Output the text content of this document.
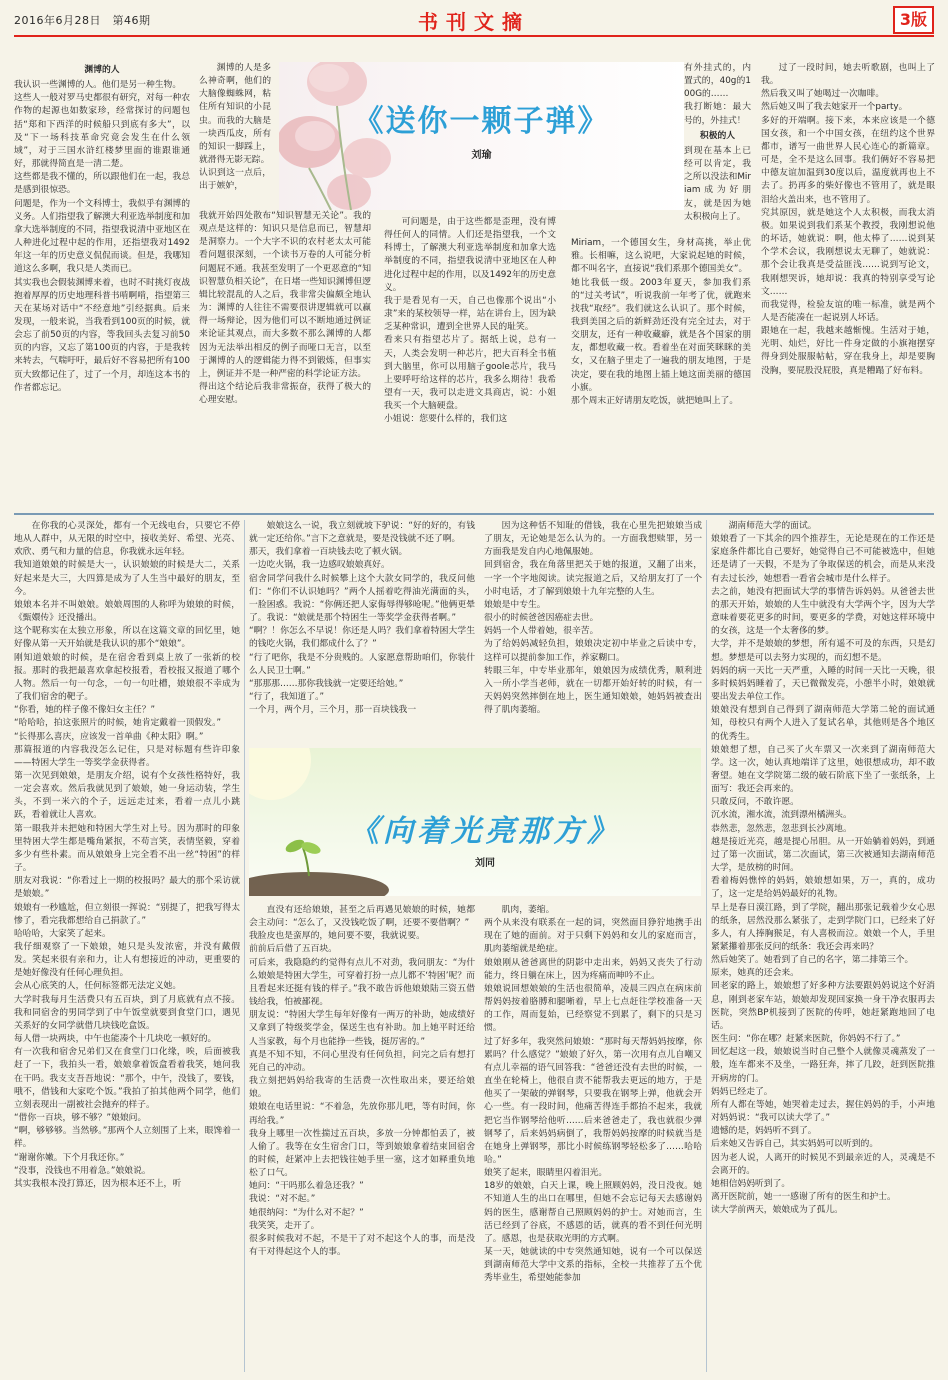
2016年6月28日　第46期	书刊文摘	3版
渊博的人
我认识一些渊博的人。他们是另一种生物。
这些人一般对罗马史都很有研究，对每一种农作物的起源也如数家珍，经常探讨的问题包括“郑和下西洋的时候船只到底有多大”，以及“下一场科技革命究竟会发生在什么领域”，对于三国水浒红楼梦里面的谁跟谁通好，那就得简直是一清二楚。
这些都是我不懂的，所以跟他们在一起，我总是感到很惊恐。
问题是，作为一个文科博士，我似乎有渊博的义务。人们指望我了解澳大利亚选举制度和加拿大选举制度的不同，指望我说清中亚地区在人种进化过程中起的作用，还指望我对1492年这一年的历史意义侃侃而谈。但是，我哪知道这么多啊，我只是人类而已。
其实我也会假装渊博来着，也时不时挑灯夜战抱着厚厚的历史地理科普书啃啊啃，指望第三天在某场对话中“不经意地”引经据典。后来发现，一般来说，当我看到100页的时候，就会忘了前50页的内容，等我回头去复习前50页的内容，又忘了第100页的内容，于是我转来转去，气喘吁吁，最后好不容易把所有100页大致都记住了，过了一个月，却连这本书的作者都忘记。
《送你一颗子弹》
刘瑜
渊博的人是多么神奇啊，他们的大脑像蜘蛛网，粘住所有知识的小昆虫。而我的大脑是一块西瓜皮，所有的知识一脚踩上，就滑得无影无踪。
认识到这一点后，出于嫉妒，
我就开始四处散布“知识智慧无关论”。我的观点是这样的：知识只是信息而已，智慧却是洞察力。一个大字不识的农村老太太可能看问题很深刻，一个读书万卷的人可能分析问题屁不通。我甚至发明了一个更恶意的“知识智慧负相关论”，在日堵一些知识渊博但逻辑比较混乱的人之后，我非常尖偏颇全地认为：渊博的人往往不需要很讲逻辑就可以赢得一场辩论，因为他们可以不断地通过例证来论证其观点，而大多数不那么渊博的人都因为无法举出相反的例子而哑口无言，以至于渊博的人的逻辑能力得不到锻炼，但事实上，例证并不是一种严密的科学论证方法。
得出这个结论后我非常振奋，获得了极大的心理安慰。
可问题是，由于这些都是歪理，没有博得任何人的同情。人们还是指望我，一个文科博士，了解澳大利亚选举制度和加拿大选举制度的不同，指望我说清中亚地区在人种进化过程中起的作用，以及1492年的历史意义。
我于是看见有一天，自己也像那个说出“小隶”来的某校领导一样，站在讲台上，因为缺乏某种常识，遭到全世界人民的耻笑。
看来只有指望芯片了。据纸上说，总有一天，人类会发明一种芯片，把大百科全书植到大脑里，你可以用脑子goole芯片，我马上要呼吁给这样的芯片，我多么期待！我希望有一天，我可以走进文具商店，说：小姐我买一个大脑硬盘。
小姐说：您要什么样的，我们这
有外挂式的，内置式的，40g的100G的……
我打断她：最大号的，外挂式！
积极的人
到现在基本上已经可以肯定，我之所以没法和Miriam成为好朋友，就是因为她太积极向上了。

Miriam，一个德国女生，身材高挑，举止优雅。长相嘛，这么说吧，大家说起她的时候，都不叫名字，直接说“我们系那个德国美女”。
她比我低一级。2003年夏天，参加我们系的“过关考试”，听说我前一年考了优，就跑来找我“取经”。我们就这么认识了。那个时候，我到美国之后的新鲜劲还没有完全过去，对于交朋友，还有一种收藏癖，就是各个国家的朋友，都想收藏一枚。看着坐在对面笑眯眯的美女，又在脑子里走了一遍我的朋友地图，于是决定，要在我的地图上插上她这面美丽的德国小旗。
那个周末正好请朋友吃饭，就把她叫上了。
过了一段时间，她去听歌剧，也叫上了我。
然后我又叫了她喝过一次咖啡。
然后她又叫了我去她家开一个party。
多好的开端啊。接下来，本来应该是一个德国女孩，和一个中国女孩，在纽约这个世界都市，谱写一曲世界人民心连心的新篇章。可是，全不是这么回事。我们俩好不容易把中德友谊加温到30度以后，温度就再也上不去了。扔再多的柴好像也不管用了，就是眼泪给火盖出来，也不管用了。
究其原因，就是她这个人太积极，而我太消极。如果说到我们系某个教授，我刚想说他的坏话，她就说：啊，他太棒了……说到某个学术会议，我刚想说太无聊了，她就说：那个会让我真是受益匪浅……说到写论文，我刚想哭诉，她却说：我真的特别享受写论文……
而我觉得，检验友谊的唯一标准，就是两个人是否能凑在一起说别人坏话。
跟她在一起，我越来越惭愧。生活对于她，光明、灿烂，好比一件身定做的小旗袍摆穿得身到处服服帖帖，穿在我身上，却是要胸没胸，要屁股没屁股，真是糟蹋了好布料。
在你我的心灵深处，都有一个无线电台，只要它不停地从人群中，从无限的时空中，接收美好、希望、光亮、欢欣、勇气和力量的信息，你我就永远年轻。
我知道娘娘的时候是大一，认识娘娘的时候是大二，关系好起来是大三，大四算是成为了人生当中最好的朋友，至今。
娘娘本名并不叫娘娘。娘娘周围的人称呼为娘娘的时候，《甄嬛传》还没播出。
这个昵称实在太独立形象，所以在这篇文章的回忆里，她好像从第一天开始就是我认识的那个“娘娘”。
刚知道娘娘的时候，是在宿舍看到桌上放了一张新的校报。那时的我把最喜欢拿起校报看，看校报又报道了哪个人物。然后一句一句念，一句一句吐槽，娘娘很不幸成为了我们宿舍的靶子。
“你看，她的样子像不像妇女主任？”
“哈哈哈，拍这张照片的时候，她肯定戴着一顶假发。”
“长得那么喜庆，应该发一首单曲《种太阳》啊。”
那篇报道的内容我没怎么记住，只是对标题有些许印象——特困大学生一等奖学金获得者。
第一次见到娘娘，是朋友介绍，说有个女孩性格特好，我一定会喜欢。然后我就见到了娘娘，她一身运动装，学生头，不到一米六的个子，远远走过来，看着一点儿小跳跃，看着就让人喜欢。
第一眼我并未把她和特困大学生对上号。因为那时的印象里特困大学生都是嘴角紧抿，不苟言笑，表情坚毅，穿着多少有些朴素。而从娘娘身上完全看不出一丝“特困”的样子。
朋友对我说：“你看过上一期的校报吗？最大的那个采访就是娘娘。”
娘娘有一秒尴尬，但立刻很一挥说：“别提了，把我写得太惨了，看完我都想给自己捐款了。”
哈哈哈，大家笑了起来。
我仔细观察了一下娘娘，她只是头发浓密，并没有戴假发。笑起来很有亲和力，让人有想接近的冲动，更重要的是她好像没有任何心理负担。
会从心底笑的人，任何标签都无法定义她。
大学时我每月生活费只有五百块，到了月底就有点不接。我和同宿舍的男同学到了中午饭堂就要到食堂门口，遇见关系好的女同学就借几块钱吃盒饭。
每人借一块两块，中午也能凑个十几块吃一顿好的。
有一次我和宿舍兄弟们又在食堂门口化缘，唉，后面被我赶了一下，我拍头一看，娘娘拿着饭盒看着我笑，她问我在干吗。我支支吾吾地说：“那个，中午，没钱了，要钱，哦不，借钱和大家吃个饭。”我拍了拍其他两个同学，他们立刻表现出一副被社会抛弃的样子。
“借你一百块，够不够？”娘娘问。
“啊，够够够。当然够。”那两个人立刻围了上来，眼馋着一样。
“谢谢你嫩。下个月我还你。”
“没事，没钱也不用着急。”娘娘说。
其实我根本没打算还，因为根本还不上，听
娘娘这么一说，我立刻就坡下驴说：“好的好的，有钱就一定还给你。”言下之意就是，要是没钱就不还了啊。
那天，我们拿着一百块钱去吃了顿火锅。
一边吃火锅，我一边感叹娘娘真好。
宿舍同学问我什么时候攀上这个大款女同学的，我反问他们：“你们不认识她吗？”两个人摇着吃得油光满面的头，一脸困惑。我说：“你俩还把人家侮辱得够呛呢。”他俩更晕了。我说：“娘就是那个特困生一等奖学金获得者啊。”
“啊？！你怎么不早说！你还是人吗？我们拿着特困大学生的钱吃火锅，我们都成什么了？”
“行了吧你，我是不分贵贱的。人家愿意帮助咱们，你装什么人民卫士啊。”
“那那那……那你我钱就一定要还给她。”
“行了，我知道了。”
一个月，两个月，三个月，那一百块钱我一
《向着光亮那方》
刘同
直没有还给娘娘，甚至之后再遇见娘娘的时候，她都会主动问：“怎么了，又没钱吃饭了啊，还要不要借啊？”
我脸皮也是蛮厚的，她问要不要，我就说要。
前前后后借了五百块。
可后来，我隐隐约约觉得有点儿不对劲，我问朋友：“为什么娘娘是特困大学生，可穿着打扮一点儿都不‘特困’呢？而且看起来还挺有钱的样子。”我不敢告诉他娘娘陆三资五借钱给我，怕被鄙视。
朋友说：“特困大学生每年好像有一两万的补助，她成绩好又拿到了特级奖学金，保送生也有补助。加上她平时还给人当家教，每个月也能挣一些钱，挺厉害的。”
真是不知不知，不问心里没有任何负担，问完之后有想打死自己的冲动。
我立刻把妈妈给我寄的生活费一次性取出来，要还给娘娘。
娘娘在电话里说：“不着急，先放你那儿吧，等有时间，你再给我。”
我身上哪里一次性揣过五百块，多放一分钟都怕丢了，被人偷了。我等在女生宿舍门口，等到娘娘拿着结束回宿舍的时候，赶紧冲上去把钱往她手里一塞，这才如释重负地松了口气。
她问：“干吗那么着急还我？”
我说：“对不起。”
她很纳闷：“为什么对不起？”
我笑笑，走开了。
很多时候我对不起，不是干了对不起这个人的事，而是没有干对得起这个人的事。
因为这种恬不知耻的借钱，我在心里先把娘娘当成了朋友，无论她是怎么认为的。一方面我想赎罪，另一方面我是发自内心地佩服她。
回到宿舍，我在角落里把关于她的报道，又翻了出来，一字一个字地阅读。读完报道之后，又给朋友打了一个小时电话，才了解到娘娘十九年完整的人生。
娘娘是中专生。
很小的时候爸爸因癌症去世。
妈妈一个人带着她，很辛苦。
为了给妈妈减轻负担，娘娘决定初中毕业之后读中专，这样可以提前参加工作，养家糊口。
转眼三年，中专毕业那年，娘娘因为成绩优秀，顺利进入一所小学当老师，就在一切都开始好转的时候，有一天妈妈突然摔倒在地上，医生通知娘娘，她妈妈被查出得了肌肉萎缩。
肌肉，萎缩。
两个从来没有联系在一起的词，突然面目狰狞地携手出现在了她的面前。对于只剩下妈妈和女儿的家庭而言，肌肉萎缩就是绝症。
娘娘刚从爸爸离世的阴影中走出来，妈妈又丧失了行动能力，终日躺在床上，因为疼痛而呻吟不止。
娘娘说回想娘娘的生活也很简单，凌晨三四点在病床前帮妈妈按着胳膊和腿晰着，早上七点赶往学校准备一天的工作，周而复始，已经察觉不到累了，剩下的只是习惯。
过了好多年，我突然问娘娘：“那时每天帮妈妈按摩，你累吗？什么感觉？”娘娘了好久，第一次用有点儿自嘲又有点儿幸福的语气回答我：“爸爸还没有去世的时候，一直坐在轮椅上，他很自责不能帮我去更远的地方，于是他买了一架破的弹钢琴，只要我在钢琴上弹，他就会开心一些。有一段时间，他痛苦得连手都抬不起来，我就把它当作钢琴给他听……后来爸爸走了，我也就很少弹钢琴了，后来妈妈病倒了，我帮妈妈按摩的时候就当是在她身上弹钢琴，那比小时候练钢琴轻松多了……哈哈哈。”
娘笑了起来，眼睛里闪着泪光。
18岁的娘娘，白天上课，晚上照顾妈妈，没日没夜。她不知道人生的出口在哪里，但她不会忘记每天去感谢妈妈的医生，感谢帮自己照顾妈妈的护士。对她而言，生活已经到了谷底，不感恩的话，就真的看不到任何光明了。感恩，也是获取光明的方式啊。
某一天，她就读的中专突然通知她，说有一个可以保送到湖南师范大学中文系的指标，全校一共推荐了五个优秀毕业生，希望她能参加
湖南师范大学的面试。
娘娘看了一下其余的四个推荐生，无论是现在的工作还是家庭条件都比自己要好，她觉得自己不可能被选中，但她还是请了一天假，不是为了争取保送的机会，而是从来没有去过长沙，她想看一看省会城市是什么样子。
去之前，她没有把面试大学的事情告诉妈妈。从爸爸去世的那天开始，娘娘的人生中就没有大学两个字，因为大学意味着要花更多的时间，要更多的学费，对她这样环境中的女孩，这是一个太奢侈的梦。
大学，并不是娘娘的梦想，所有遥不可及的东西，只是幻想。梦想是可以去努力实现的，而幻想不是。
妈妈的病一天比一天严重，入睡的时间一天比一天晚，很多时候妈妈睡着了，天已微微发亮，小憩半小时，娘娘就要出发去单位工作。
娘娘没有想到自己得到了湖南师范大学第二轮的面试通知，母校只有两个人进入了复试名单，其他则是各个地区的优秀生。
娘娘想了想，自己买了火车票又一次来到了湖南师范大学。这一次，她认真地端详了这里，她很想成功，却不敢奢望。她在文学院第二级的破石阶底下坐了一张纸条，上面写：我还会再来的。
只敢反问，不敢许愿。
沉水流，湘水流，流到漂州橘洲头。
恭然悲，忽然悲，忽悲到长沙离地。
越是接近光亮，越是提心吊胆。从一开始躺着妈妈，到通过了第一次面试，第二次面试，第三次被通知去湖南师范大学，是放榜的时间。
看着梅妈憔悴的妈妈，娘娘想如果，万一，真的，成功了，这一定是给妈妈最好的礼物。
早上是春日漠江路，到了学院，翻出那张记载着少女心思的纸条，居然没那么紧张了，走到学院门口，已经来了好多人，有人捧胸猴足，有人喜极而泣。娘娘一个人，手里紧紧攥着那张反问的纸条：我还会再来吗？
然后她笑了。她看到了自己的名字，第二排第三个。
原来，她真的还会来。
回老家的路上，娘娘想了好多种方法要跟妈妈说这个好消息，刚到老家车站，娘娘却发现回家换一身干净衣服再去医院，突然BP机接到了医院的传呼，她赶紧跑地回了电话。
医生问：“你在哪？赶紧来医院，你妈妈不行了。”
回忆起这一段，娘娘说当时自己整个人就像灵魂蒸发了一般，连车都来不及坐，一路狂奔，摔了几跤，赶到医院推开病房的门。
妈妈已经走了。
所有人都在等她，她哭着走过去，握住妈妈的手，小声地对妈妈说：“我可以读大学了。”
遗憾的是，妈妈听不到了。
后来她又告诉自己，其实妈妈可以听到的。
因为老人说，人离开的时候见不到最亲近的人，灵魂是不会离开的。
她相信妈妈听到了。
离开医院前，她一一感谢了所有的医生和护士。
读大学前两天，娘娘成为了孤儿。
